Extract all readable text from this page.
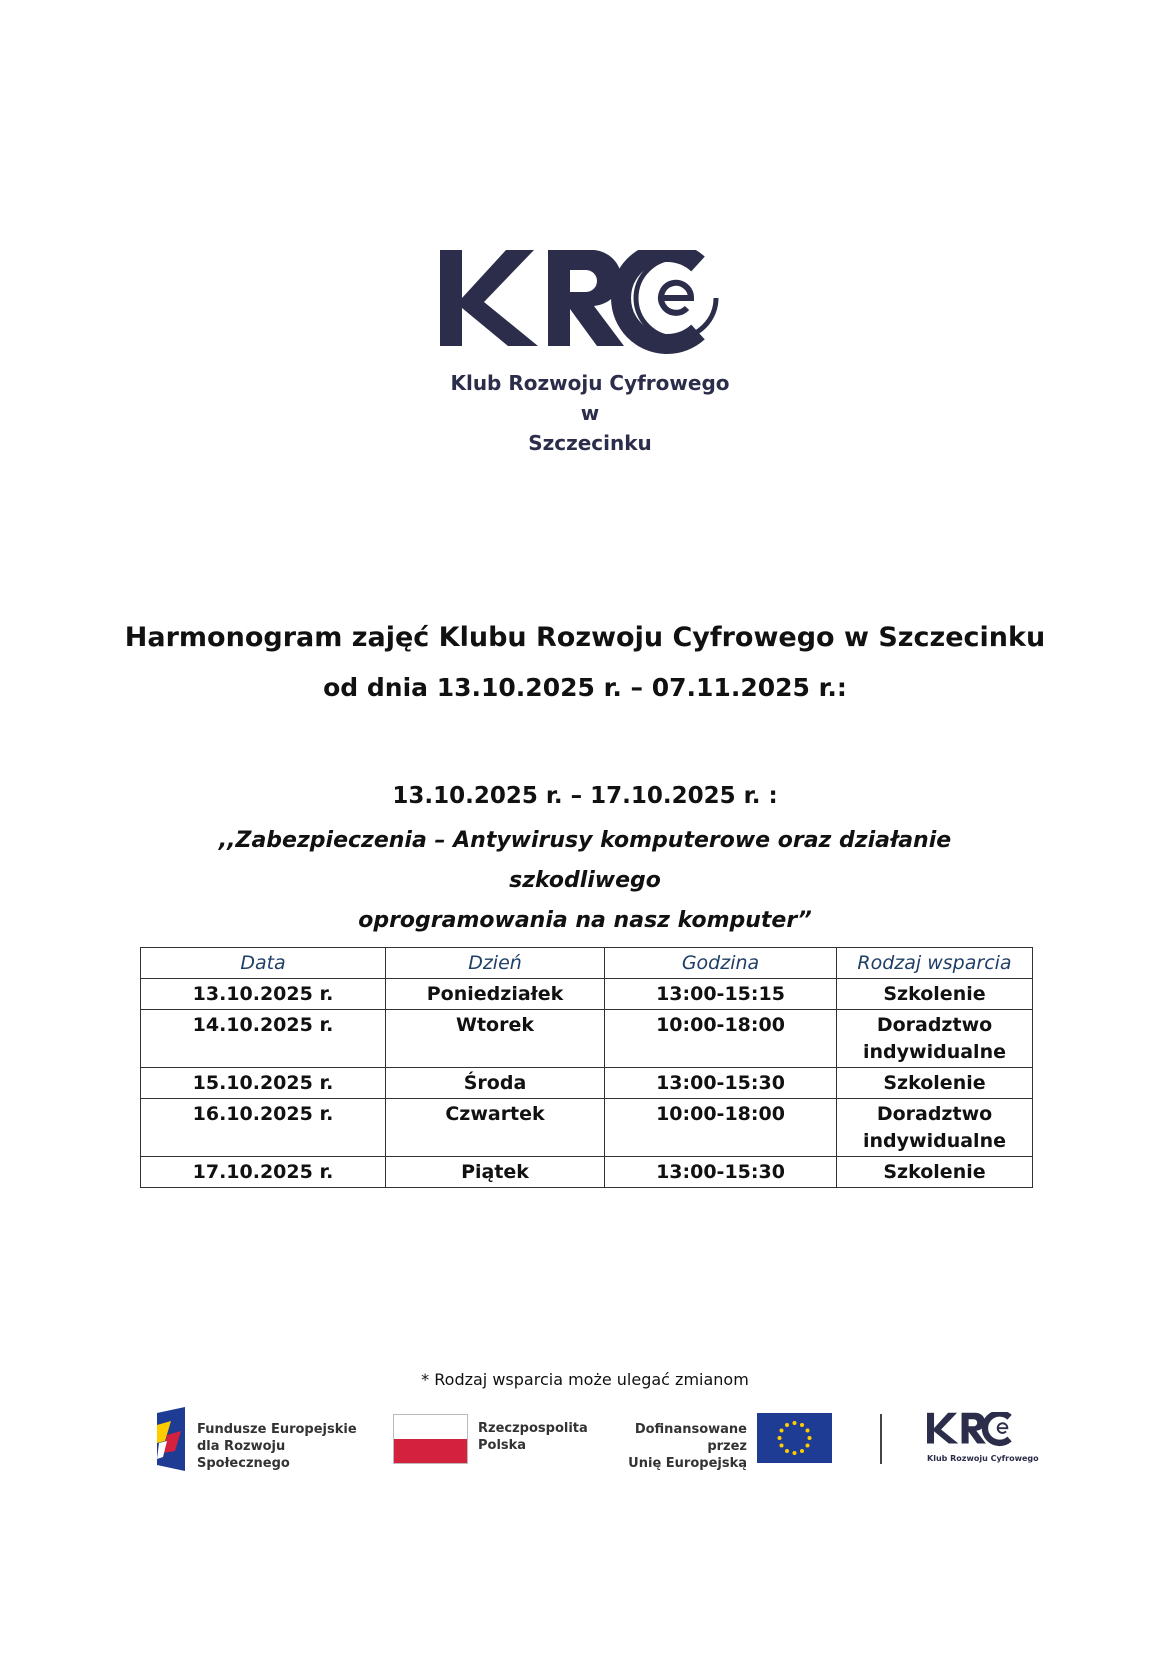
Klub Rozwoju Cyfrowego w
Szczecinku
Harmonogram zajęć Klubu Rozwoju Cyfrowego w Szczecinku
od dnia 13.10.2025 r. – 07.11.2025 r.:
13.10.2025 r. – 17.10.2025 r. :
,,Zabezpieczenia – Antywirusy komputerowe oraz działanie szkodliwego
oprogramowania na nasz komputer”
Data	Dzień	Godzina	Rodzaj wsparcia
13.10.2025 r.	Poniedziałek	13:00-15:15	Szkolenie
14.10.2025 r.	Wtorek	10:00-18:00	Doradztwo indywidualne
15.10.2025 r.	Środa	13:00-15:30	Szkolenie
16.10.2025 r.	Czwartek	10:00-18:00	Doradztwo indywidualne
17.10.2025 r.	Piątek	13:00-15:30	Szkolenie
* Rodzaj wsparcia może ulegać zmianom
Fundusze Europejskie
dla Rozwoju Społecznego
Rzeczpospolita
Polska
Dofinansowane przez
Unię Europejską	Klub Rozwoju Cyfrowego
